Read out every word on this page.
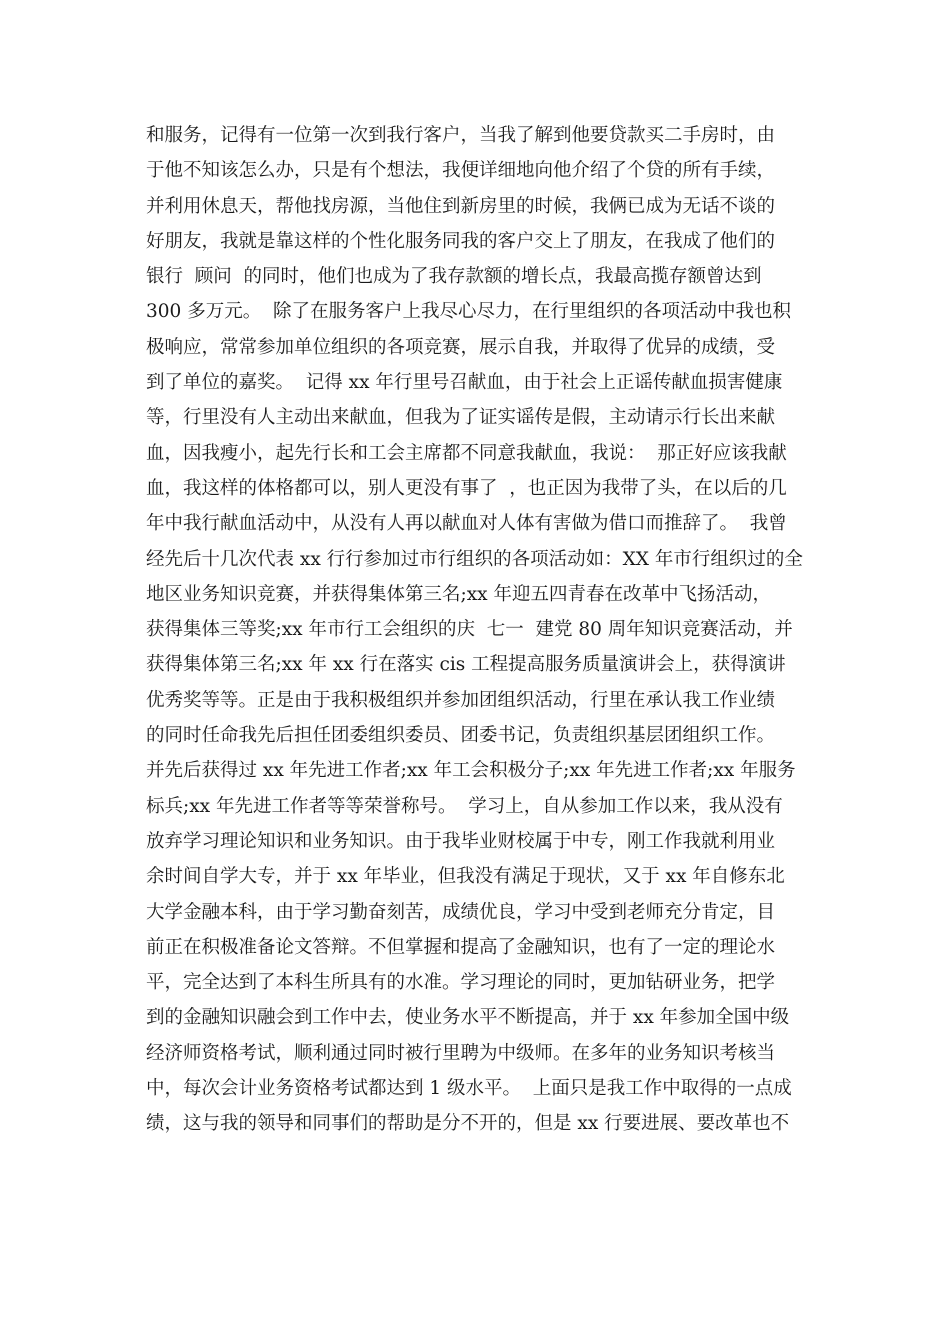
和服务，记得有一位第一次到我行客户，当我了解到他要贷款买二手房时，由
于他不知该怎么办，只是有个想法，我便详细地向他介绍了个贷的所有手续，
并利用休息天，帮他找房源，当他住到新房里的时候，我俩已成为无话不谈的
好朋友，我就是靠这样的个性化服务同我的客户交上了朋友，在我成了他们的
银行  顾问  的同时，他们也成为了我存款额的增长点，我最高揽存额曾达到
300 多万元。  除了在服务客户上我尽心尽力，在行里组织的各项活动中我也积
极响应，常常参加单位组织的各项竞赛，展示自我，并取得了优异的成绩，受
到了单位的嘉奖。  记得 xx 年行里号召献血，由于社会上正谣传献血损害健康
等，行里没有人主动出来献血，但我为了证实谣传是假，主动请示行长出来献
血，因我瘦小，起先行长和工会主席都不同意我献血，我说：  那正好应该我献
血，我这样的体格都可以，别人更没有事了  ，也正因为我带了头，在以后的几
年中我行献血活动中，从没有人再以献血对人体有害做为借口而推辞了。  我曾
经先后十几次代表 xx 行行参加过市行组织的各项活动如：XX 年市行组织过的全
地区业务知识竞赛，并获得集体第三名;xx 年迎五四青春在改革中飞扬活动，
获得集体三等奖;xx 年市行工会组织的庆  七一  建党 80 周年知识竞赛活动，并
获得集体第三名;xx 年 xx 行在落实 cis 工程提高服务质量演讲会上，获得演讲
优秀奖等等。正是由于我积极组织并参加团组织活动，行里在承认我工作业绩
的同时任命我先后担任团委组织委员、团委书记，负责组织基层团组织工作。
并先后获得过 xx 年先进工作者;xx 年工会积极分子;xx 年先进工作者;xx 年服务
标兵;xx 年先进工作者等等荣誉称号。  学习上，自从参加工作以来，我从没有
放弃学习理论知识和业务知识。由于我毕业财校属于中专，刚工作我就利用业
余时间自学大专，并于 xx 年毕业，但我没有满足于现状，又于 xx 年自修东北
大学金融本科，由于学习勤奋刻苦，成绩优良，学习中受到老师充分肯定，目
前正在积极准备论文答辩。不但掌握和提高了金融知识，也有了一定的理论水
平，完全达到了本科生所具有的水准。学习理论的同时，更加钻研业务，把学
到的金融知识融会到工作中去，使业务水平不断提高，并于 xx 年参加全国中级
经济师资格考试，顺利通过同时被行里聘为中级师。在多年的业务知识考核当
中，每次会计业务资格考试都达到 1 级水平。  上面只是我工作中取得的一点成
绩，这与我的领导和同事们的帮助是分不开的，但是 xx 行要进展、要改革也不
